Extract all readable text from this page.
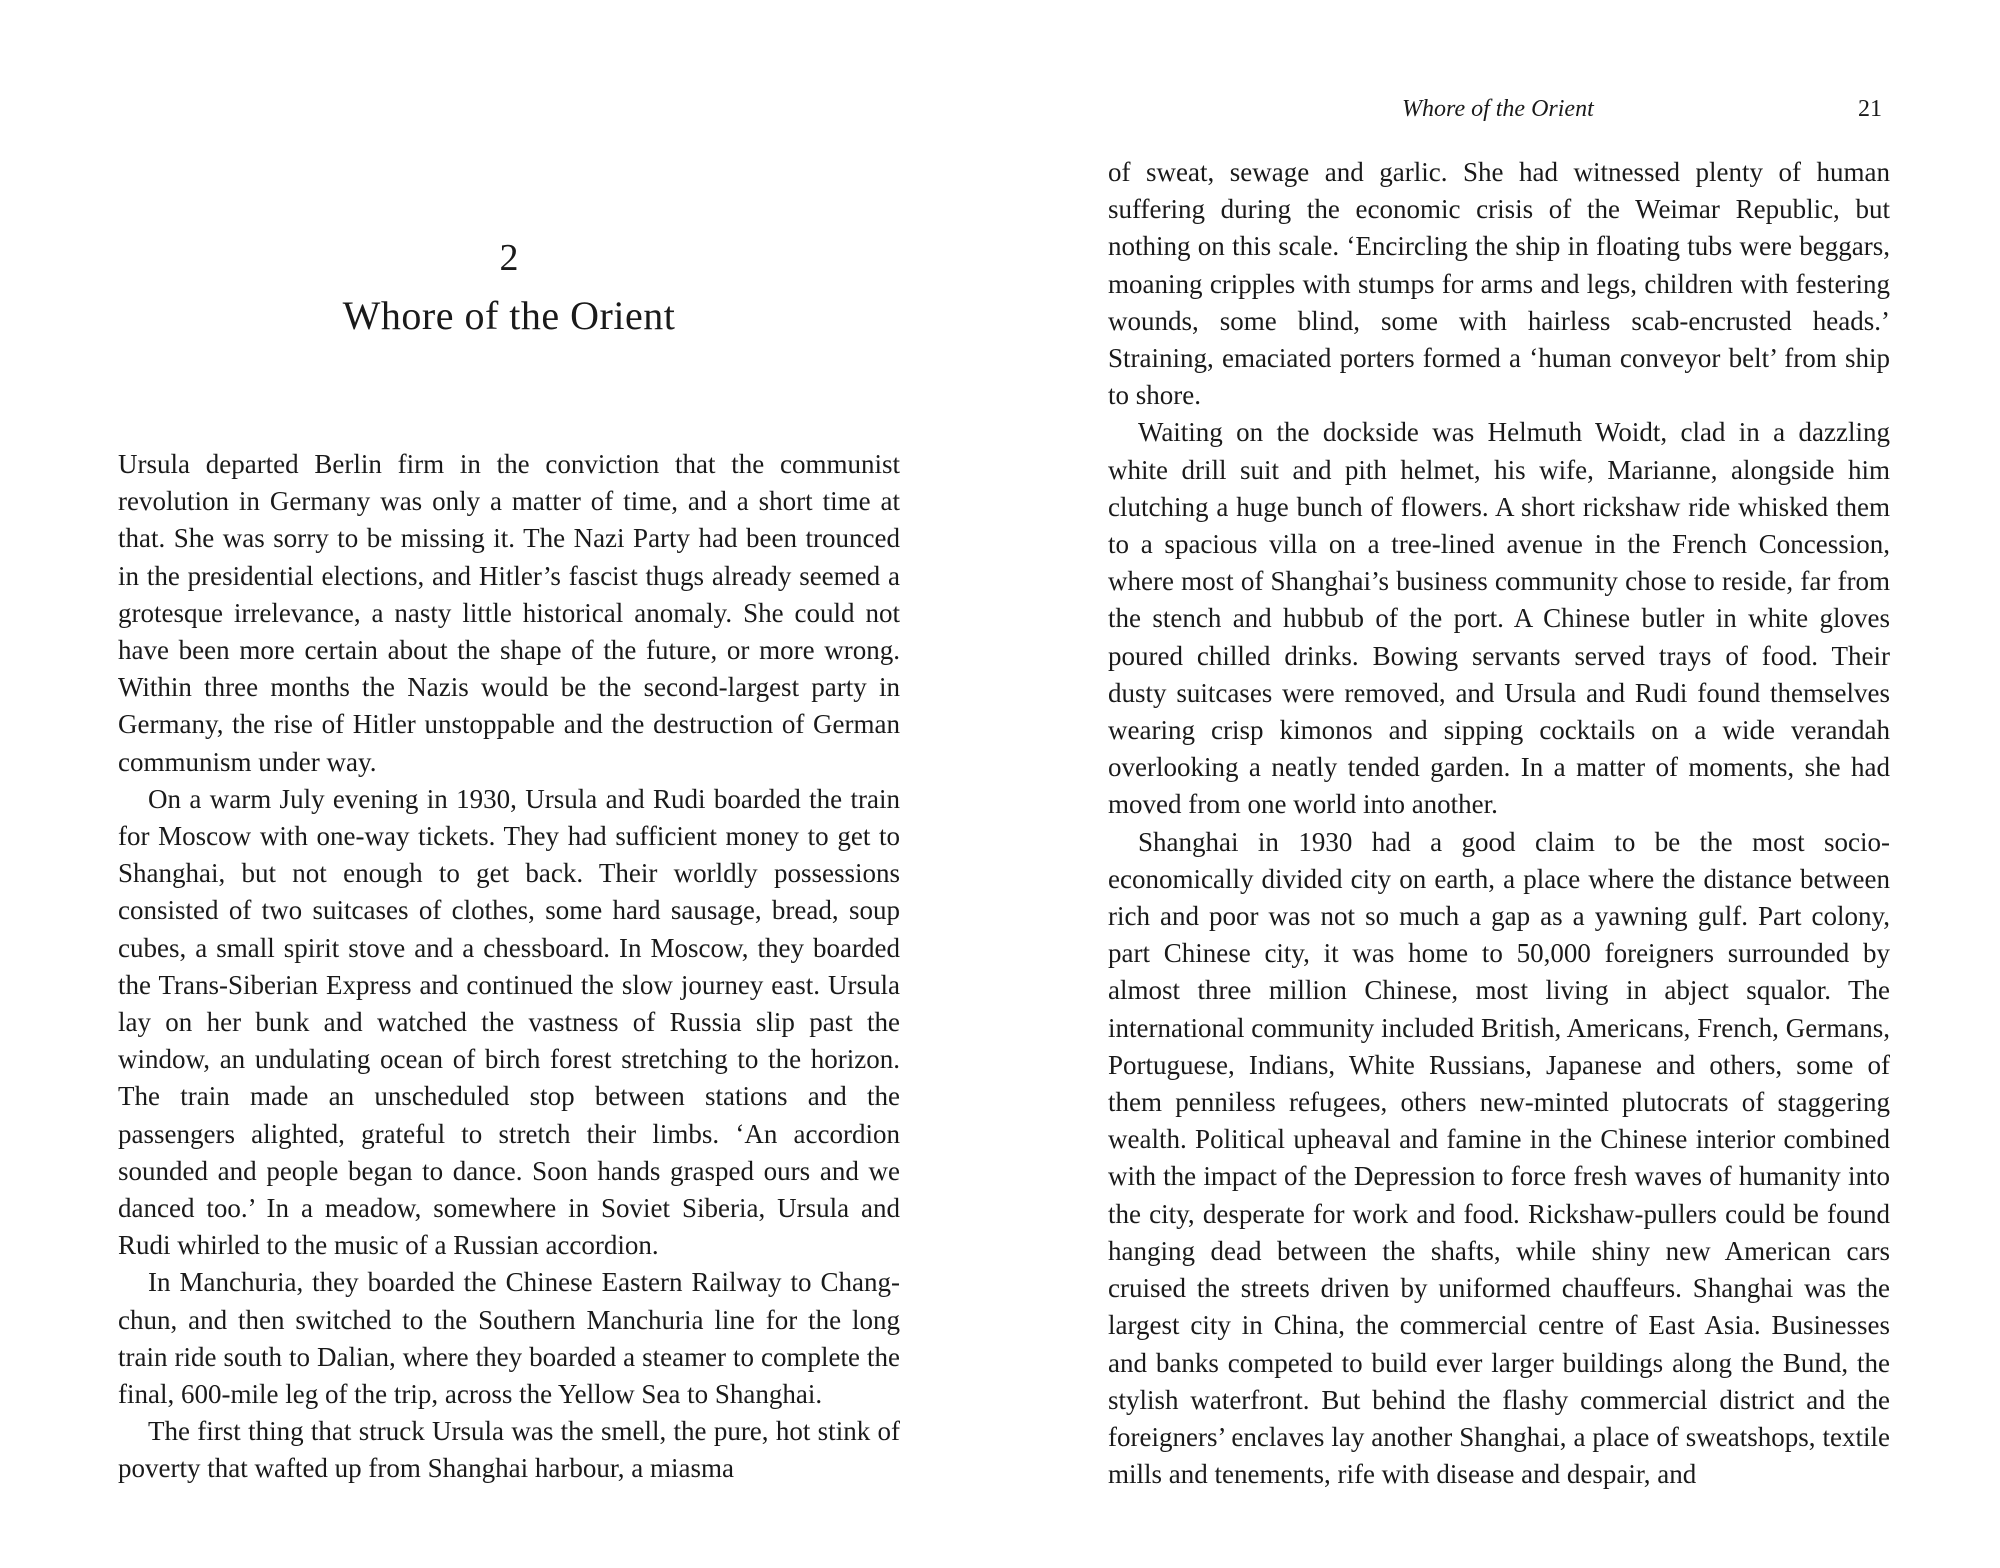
2
Whore of the Orient

Ursula departed Berlin firm in the conviction that the communist revolution in Germany was only a matter of time, and a short time at that. She was sorry to be missing it. The Nazi Party had been trounced in the presidential elections, and Hitler’s fascist thugs already seemed a grotesque irrelevance, a nasty little historical anomaly. She could not have been more certain about the shape of the future, or more wrong. Within three months the Nazis would be the second-largest party in Germany, the rise of Hitler unstoppable and the destruction of German communism under way.

On a warm July evening in 1930, Ursula and Rudi boarded the train for Moscow with one-way tickets. They had sufficient money to get to Shanghai, but not enough to get back. Their worldly possessions consisted of two suitcases of clothes, some hard sausage, bread, soup cubes, a small spirit stove and a chessboard. In Moscow, they boarded the Trans-Siberian Express and continued the slow journey east. Ursula lay on her bunk and watched the vastness of Russia slip past the window, an undulating ocean of birch forest stretching to the horizon. The train made an unscheduled stop between stations and the passengers alighted, grateful to stretch their limbs. ‘An accordion sounded and people began to dance. Soon hands grasped ours and we danced too.’ In a meadow, somewhere in Soviet Siberia, Ursula and Rudi whirled to the music of a Russian accordion.

In Manchuria, they boarded the Chinese Eastern Railway to Changchun, and then switched to the Southern Manchuria line for the long train ride south to Dalian, where they boarded a steamer to complete the final, 600-mile leg of the trip, across the Yellow Sea to Shanghai.

The first thing that struck Ursula was the smell, the pure, hot stink of poverty that wafted up from Shanghai harbour, a miasma

Whore of the Orient	21

of sweat, sewage and garlic. She had witnessed plenty of human suffering during the economic crisis of the Weimar Republic, but nothing on this scale. ‘Encircling the ship in floating tubs were beggars, moaning cripples with stumps for arms and legs, children with festering wounds, some blind, some with hairless scab-encrusted heads.’ Straining, emaciated porters formed a ‘human conveyor belt’ from ship to shore.

Waiting on the dockside was Helmuth Woidt, clad in a dazzling white drill suit and pith helmet, his wife, Marianne, alongside him clutching a huge bunch of flowers. A short rickshaw ride whisked them to a spacious villa on a tree-lined avenue in the French Concession, where most of Shanghai’s business community chose to reside, far from the stench and hubbub of the port. A Chinese butler in white gloves poured chilled drinks. Bowing servants served trays of food. Their dusty suitcases were removed, and Ursula and Rudi found themselves wearing crisp kimonos and sipping cocktails on a wide verandah overlooking a neatly tended garden. In a matter of moments, she had moved from one world into another.

Shanghai in 1930 had a good claim to be the most socio-economically divided city on earth, a place where the distance between rich and poor was not so much a gap as a yawning gulf. Part colony, part Chinese city, it was home to 50,000 foreigners surrounded by almost three million Chinese, most living in abject squalor. The international community included British, Americans, French, Germans, Portuguese, Indians, White Russians, Japanese and others, some of them penniless refugees, others new-minted plutocrats of staggering wealth. Political upheaval and famine in the Chinese interior combined with the impact of the Depression to force fresh waves of humanity into the city, desperate for work and food. Rickshaw-pullers could be found hanging dead between the shafts, while shiny new American cars cruised the streets driven by uniformed chauffeurs. Shanghai was the largest city in China, the commercial centre of East Asia. Businesses and banks competed to build ever larger buildings along the Bund, the stylish waterfront. But behind the flashy commercial district and the foreigners’ enclaves lay another Shanghai, a place of sweatshops, textile mills and tenements, rife with disease and despair, and
